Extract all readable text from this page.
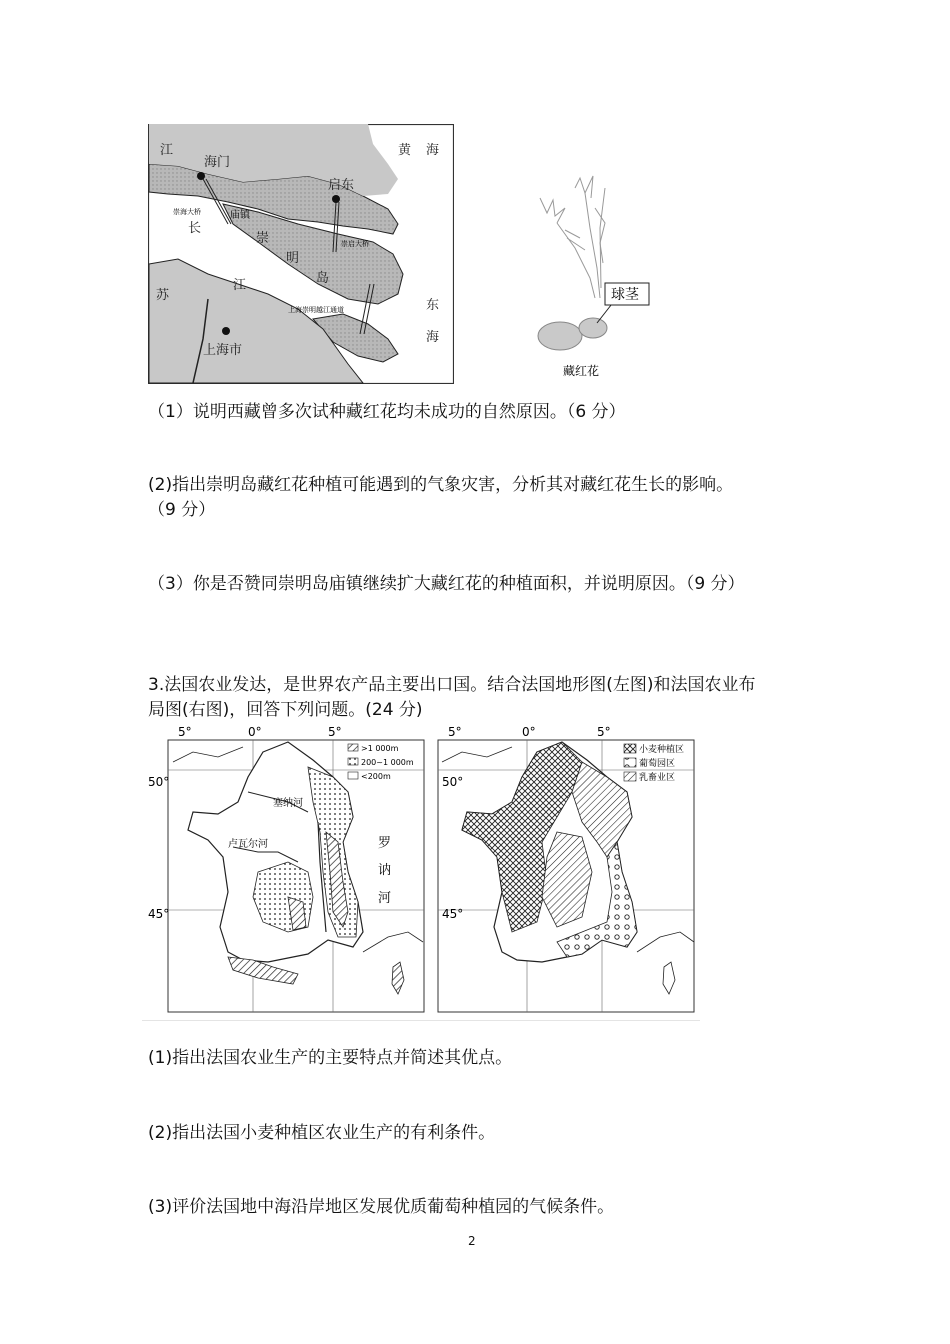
江
海门
启东
黄 海
崇海大桥	庙镇
长
崇
明
岛
崇启大桥
苏
江
上海崇明越江通道	东
海
上海市
球茎
藏红花
（1）说明西藏曾多次试种藏红花均未成功的自然原因。（6 分）
(2)指出崇明岛藏红花种植可能遇到的气象灾害，分析其对藏红花生长的影响。
（9 分）
（3）你是否赞同崇明岛庙镇继续扩大藏红花的种植面积，并说明原因。（9 分）
3.法国农业发达，是世界农产品主要出口国。结合法国地形图(左图)和法国农业布
局图(右图)，回答下列问题。(24 分)
5°	0°	5°
50°
45°
>1 000m
200~1 000m
<200m
塞纳河
卢瓦尔河	罗
讷
河
5°	0°	5°
50°
45°
小麦种植区
葡萄园区
乳畜业区
(1)指出法国农业生产的主要特点并简述其优点。
(2)指出法国小麦种植区农业生产的有利条件。
(3)评价法国地中海沿岸地区发展优质葡萄种植园的气候条件。
2
